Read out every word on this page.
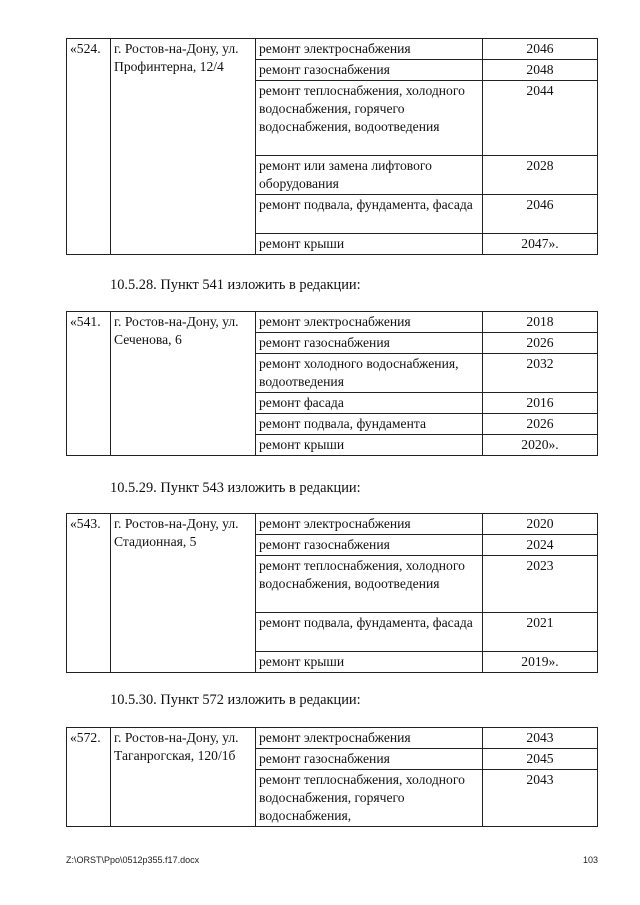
«524.	г. Ростов-на-Дону, ул. Профинтерна, 12/4	ремонт электроснабжения	2046
		ремонт газоснабжения	2048
		ремонт теплоснабжения, холодного водоснабжения, горячего водоснабжения, водоотведения	2044
		ремонт или замена лифтового оборудования	2028
		ремонт подвала, фундамента, фасада	2046
		ремонт крыши	2047».
10.5.28. Пункт 541 изложить в редакции:
«541.	г. Ростов-на-Дону, ул. Сеченова, 6	ремонт электроснабжения	2018
		ремонт газоснабжения	2026
		ремонт холодного водоснабжения, водоотведения	2032
		ремонт фасада	2016
		ремонт подвала, фундамента	2026
		ремонт крыши	2020».
10.5.29. Пункт 543 изложить в редакции:
«543.	г. Ростов-на-Дону, ул. Стадионная, 5	ремонт электроснабжения	2020
		ремонт газоснабжения	2024
		ремонт теплоснабжения, холодного водоснабжения, водоотведения	2023
		ремонт подвала, фундамента, фасада	2021
		ремонт крыши	2019».
10.5.30. Пункт 572 изложить в редакции:
«572.	г. Ростов-на-Дону, ул. Таганрогская, 120/1б	ремонт электроснабжения	2043
		ремонт газоснабжения	2045
		ремонт теплоснабжения, холодного водоснабжения, горячего водоснабжения,	2043
Z:\ORST\Ppo\0512p355.f17.docx	103
